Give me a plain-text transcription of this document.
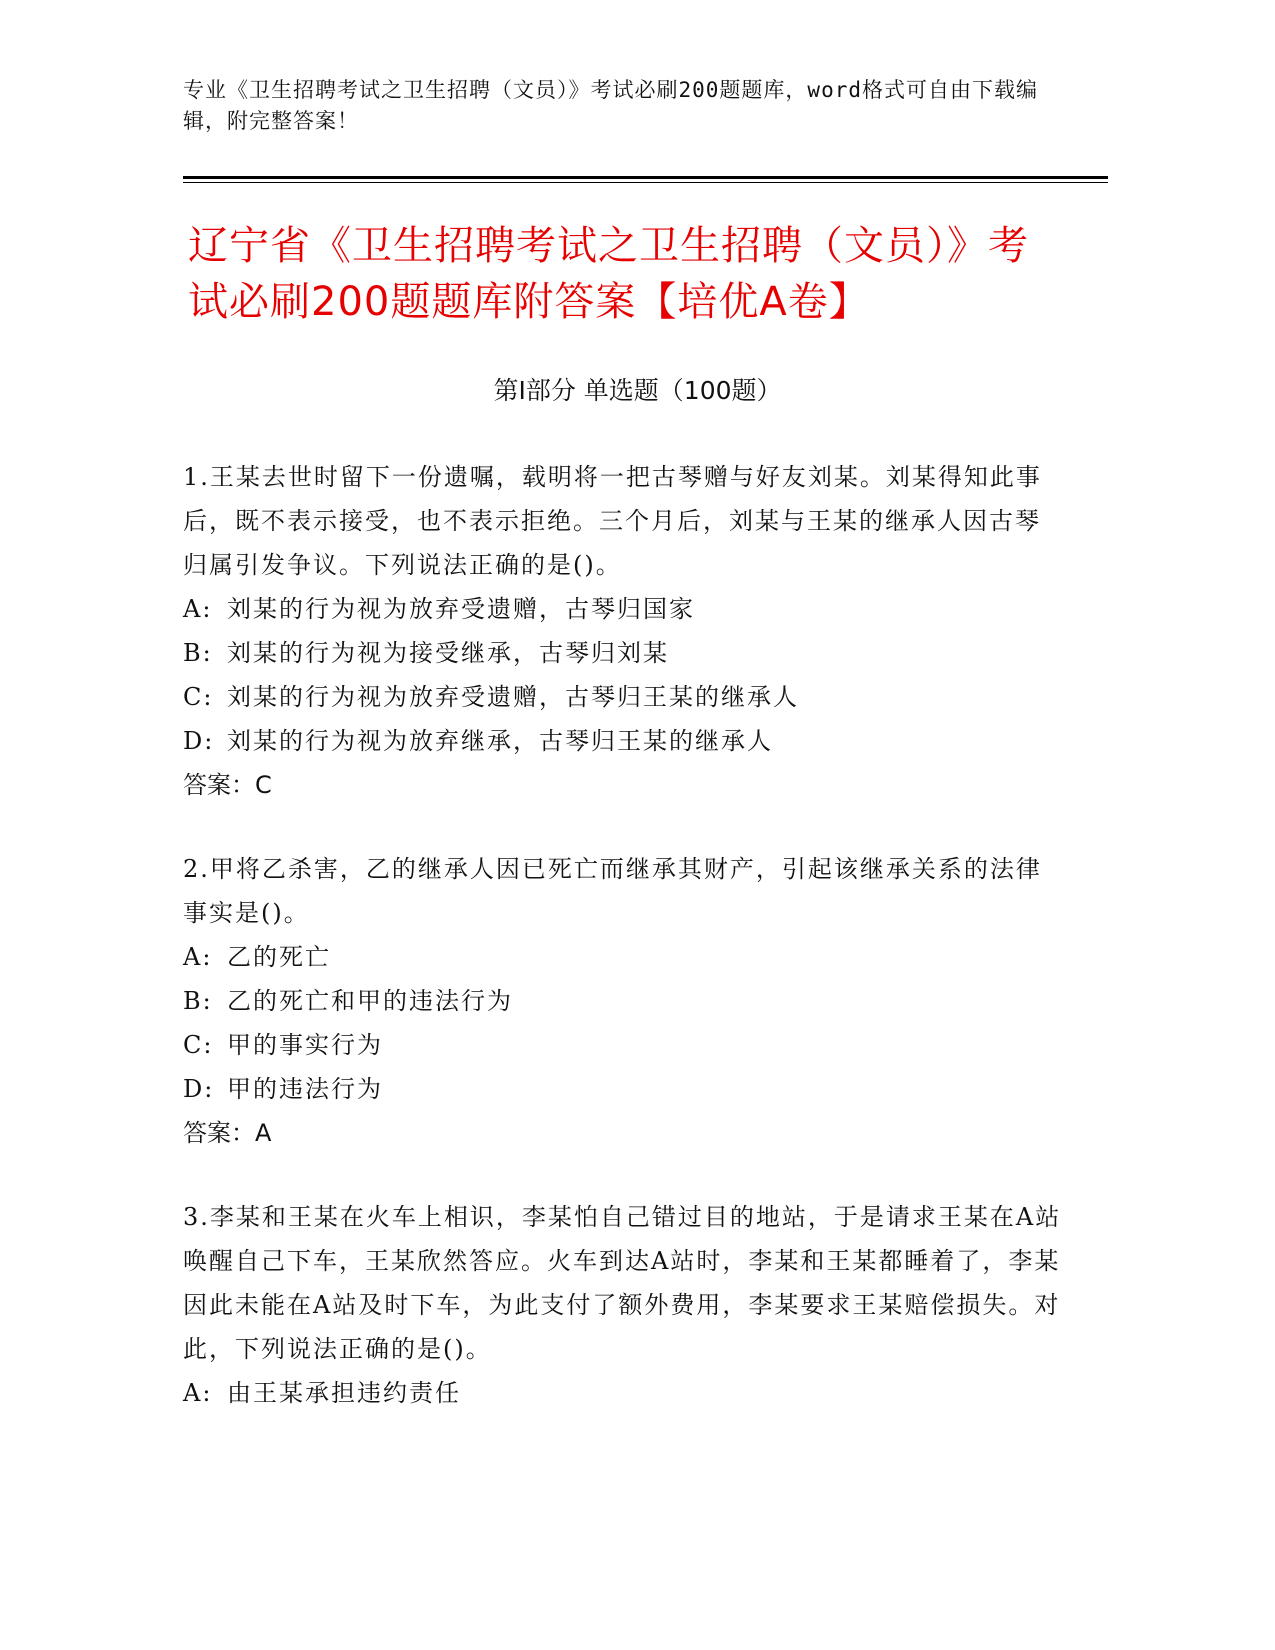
专业《卫生招聘考试之卫生招聘（文员）》考试必刷200题题库，word格式可自由下载编辑，附完整答案！
辽宁省《卫生招聘考试之卫生招聘（文员）》考试必刷200题题库附答案【培优A卷】
第Ⅰ部分 单选题（100题）
1.王某去世时留下一份遗嘱，载明将一把古琴赠与好友刘某。刘某得知此事后，既不表示接受，也不表示拒绝。三个月后，刘某与王某的继承人因古琴归属引发争议。下列说法正确的是()。
A: 刘某的行为视为放弃受遗赠，古琴归国家
B: 刘某的行为视为接受继承，古琴归刘某
C: 刘某的行为视为放弃受遗赠，古琴归王某的继承人
D: 刘某的行为视为放弃继承，古琴归王某的继承人
答案：C
2.甲将乙杀害，乙的继承人因已死亡而继承其财产，引起该继承关系的法律事实是()。
A: 乙的死亡
B: 乙的死亡和甲的违法行为
C: 甲的事实行为
D: 甲的违法行为
答案：A
3.李某和王某在火车上相识，李某怕自己错过目的地站，于是请求王某在A站唤醒自己下车，王某欣然答应。火车到达A站时，李某和王某都睡着了，李某因此未能在A站及时下车，为此支付了额外费用，李某要求王某赔偿损失。对此，下列说法正确的是()。
A: 由王某承担违约责任
